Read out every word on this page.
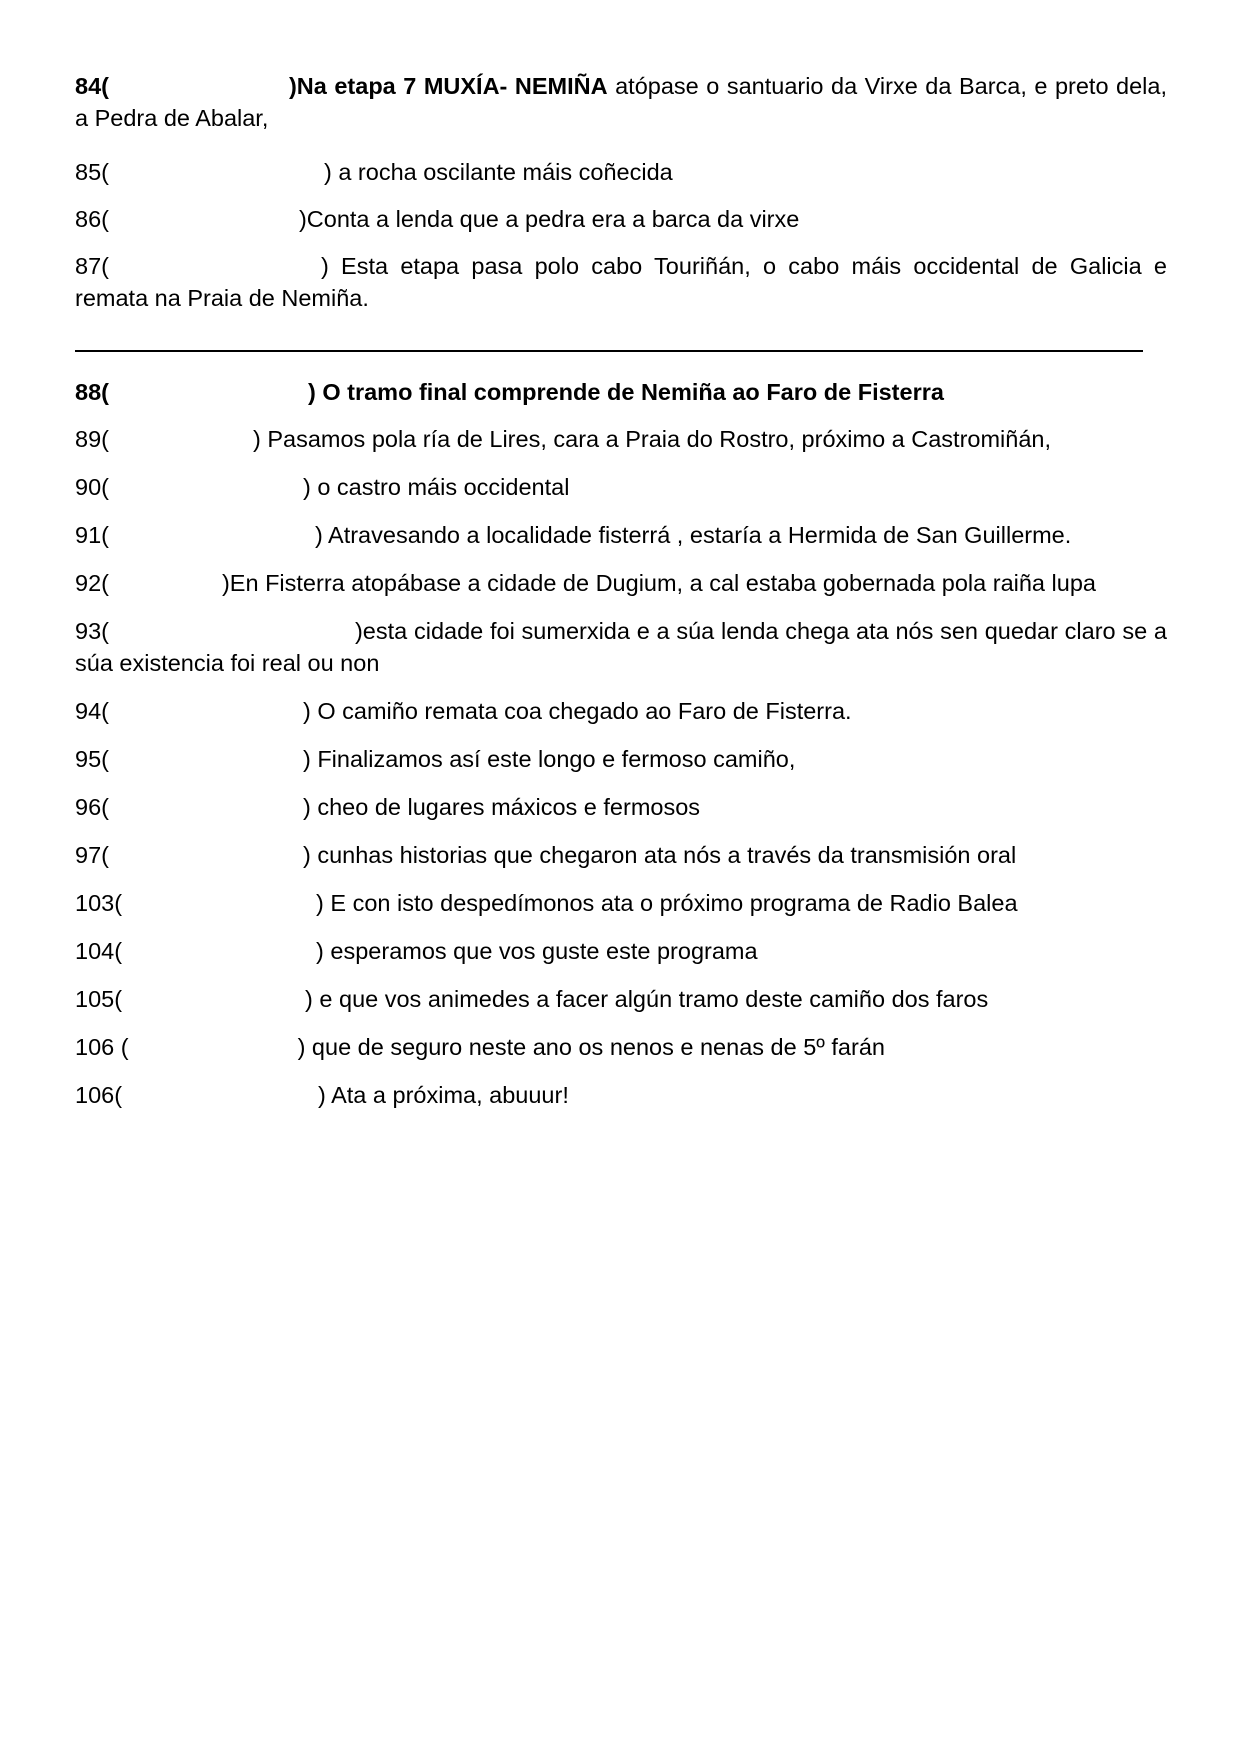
84(	)Na etapa 7 MUXÍA- NEMIÑA atópase o santuario da Virxe da Barca, e preto dela, a Pedra de Abalar,
85(	) a rocha oscilante máis coñecida
86(	)Conta a lenda que a pedra era a barca da virxe
87(	) Esta etapa pasa polo cabo Touriñán, o cabo máis occidental de Galicia e remata na Praia de Nemiña.
88(	) O tramo final comprende de Nemiña ao Faro de Fisterra
89(	) Pasamos pola ría de Lires, cara a Praia do Rostro, próximo a Castromiñán,
90(	) o castro máis occidental
91(	) Atravesando a localidade fisterrá , estaría a Hermida de San Guillerme.
92(	)En Fisterra atopábase a cidade de Dugium, a cal estaba gobernada pola raiña lupa
93(	)esta cidade foi sumerxida e a súa lenda chega ata nós sen quedar claro se a súa existencia foi real ou non
94(	) O camiño remata coa chegado ao Faro de Fisterra.
95(	) Finalizamos así este longo e fermoso camiño,
96(	) cheo de lugares máxicos e fermosos
97(	) cunhas historias que chegaron ata nós a través da transmisión oral
103(	) E con isto despedímonos ata o próximo programa de Radio Balea
104(	) esperamos que vos guste este programa
105(	) e que vos animedes a facer algún tramo deste camiño dos faros
106 (	) que de seguro neste ano os nenos e nenas de 5º farán
106(	) Ata a próxima, abuuur!
